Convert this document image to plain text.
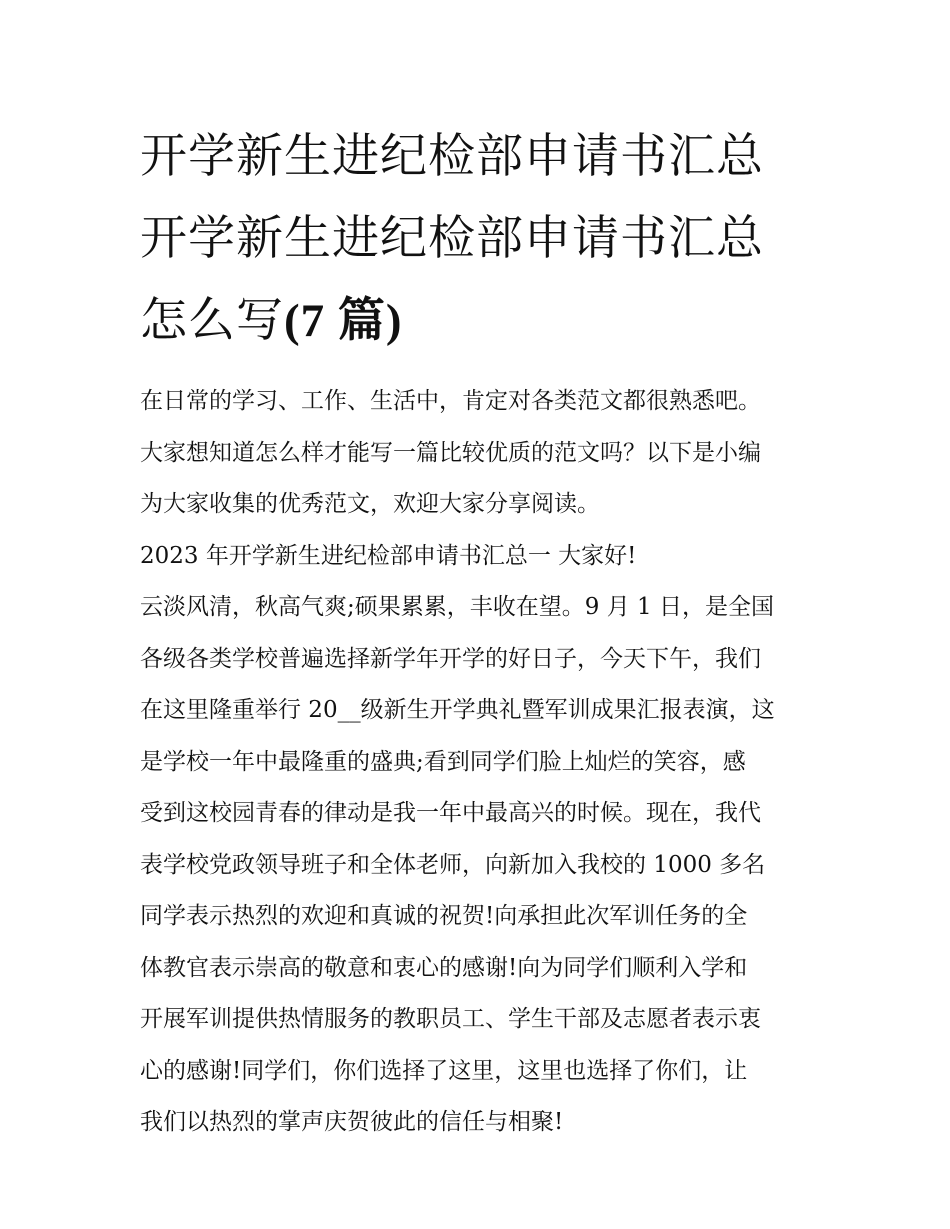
开学新生进纪检部申请书汇总
开学新生进纪检部申请书汇总
怎么写(7 篇)
在日常的学习、工作、生活中，肯定对各类范文都很熟悉吧。
大家想知道怎么样才能写一篇比较优质的范文吗？以下是小编
为大家收集的优秀范文，欢迎大家分享阅读。
2023 年开学新生进纪检部申请书汇总一 大家好!
云淡风清，秋高气爽;硕果累累，丰收在望。9 月 1 日，是全国
各级各类学校普遍选择新学年开学的好日子，今天下午，我们
在这里隆重举行 20__级新生开学典礼暨军训成果汇报表演，这
是学校一年中最隆重的盛典;看到同学们脸上灿烂的笑容，感
受到这校园青春的律动是我一年中最高兴的时候。现在，我代
表学校党政领导班子和全体老师，向新加入我校的 1000 多名
同学表示热烈的欢迎和真诚的祝贺!向承担此次军训任务的全
体教官表示崇高的敬意和衷心的感谢!向为同学们顺利入学和
开展军训提供热情服务的教职员工、学生干部及志愿者表示衷
心的感谢!同学们，你们选择了这里，这里也选择了你们，让
我们以热烈的掌声庆贺彼此的信任与相聚!
